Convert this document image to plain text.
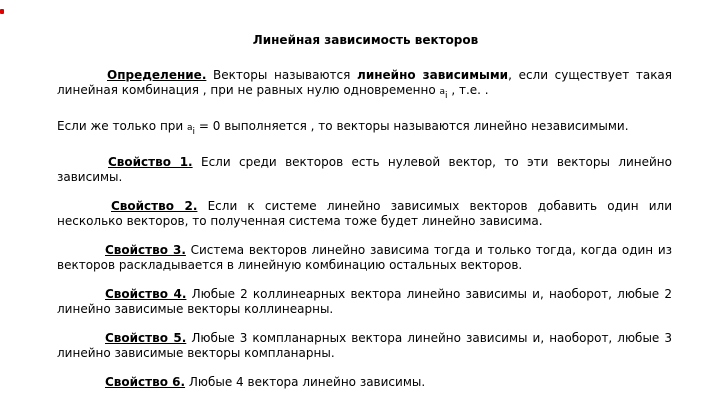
Линейная зависимость векторов
Определение. Векторы называются линейно зависимыми, если существует такая линейная комбинация , при не равных нулю одновременно $a_i$ , т.е. .
Если же только при $a_i = 0$ выполняется , то векторы называются линейно независимыми.
Свойство 1. Если среди векторов есть нулевой вектор, то эти векторы линейно зависимы.
Свойство 2. Если к системе линейно зависимых векторов добавить один или несколько векторов, то полученная система тоже будет линейно зависима.
Свойство 3. Система векторов линейно зависима тогда и только тогда, когда один из векторов раскладывается в линейную комбинацию остальных векторов.
Свойство 4. Любые 2 коллинеарных вектора линейно зависимы и, наоборот, любые 2 линейно зависимые векторы коллинеарны.
Свойство 5. Любые 3 компланарных вектора линейно зависимы и, наоборот, любые 3 линейно зависимые векторы компланарны.
Свойство 6. Любые 4 вектора линейно зависимы.
